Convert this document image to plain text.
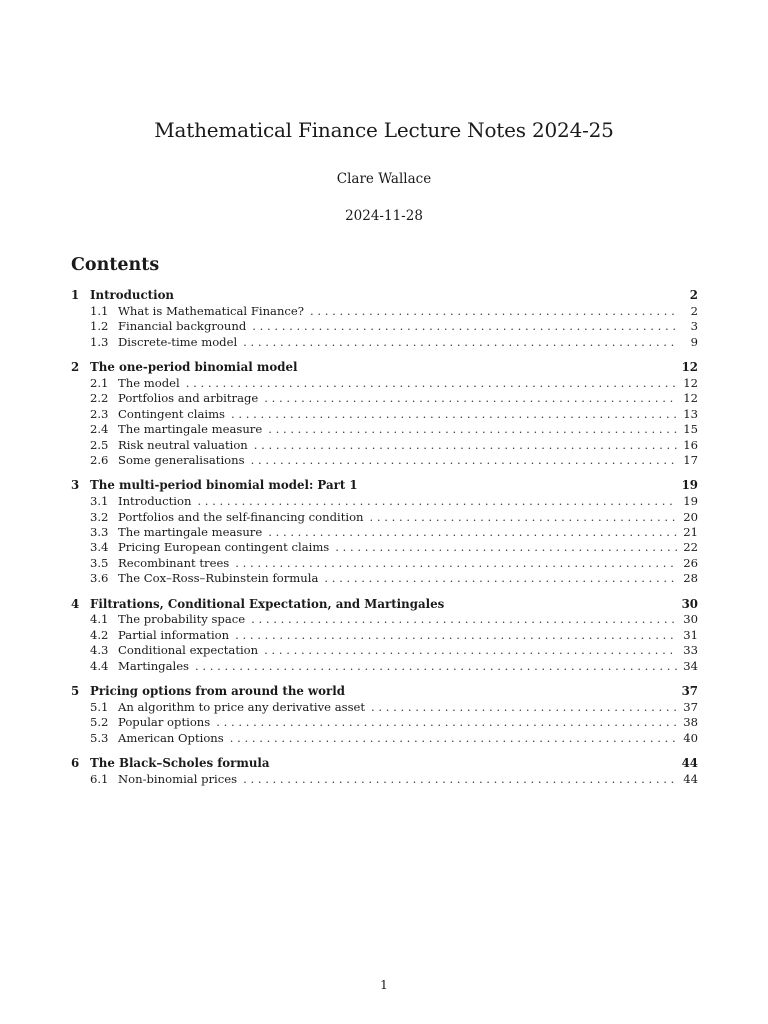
Mathematical Finance Lecture Notes 2024-25
Clare Wallace
2024-11-28
Contents
1 Introduction	2
1.1 What is Mathematical Finance? . . .	2
1.2 Financial background . . .	3
1.3 Discrete-time model . . .	9
2 The one-period binomial model	12
2.1 The model . . .	12
2.2 Portfolios and arbitrage . . .	12
2.3 Contingent claims . . .	13
2.4 The martingale measure . . .	15
2.5 Risk neutral valuation . . .	16
2.6 Some generalisations . . .	17
3 The multi-period binomial model: Part 1	19
3.1 Introduction . . .	19
3.2 Portfolios and the self-financing condition . . .	20
3.3 The martingale measure . . .	21
3.4 Pricing European contingent claims . . .	22
3.5 Recombinant trees . . .	26
3.6 The Cox–Ross–Rubinstein formula . . .	28
4 Filtrations, Conditional Expectation, and Martingales	30
4.1 The probability space . . .	30
4.2 Partial information . . .	31
4.3 Conditional expectation . . .	33
4.4 Martingales . . .	34
5 Pricing options from around the world	37
5.1 An algorithm to price any derivative asset . . .	37
5.2 Popular options . . .	38
5.3 American Options . . .	40
6 The Black–Scholes formula	44
6.1 Non-binomial prices . . .	44
1
